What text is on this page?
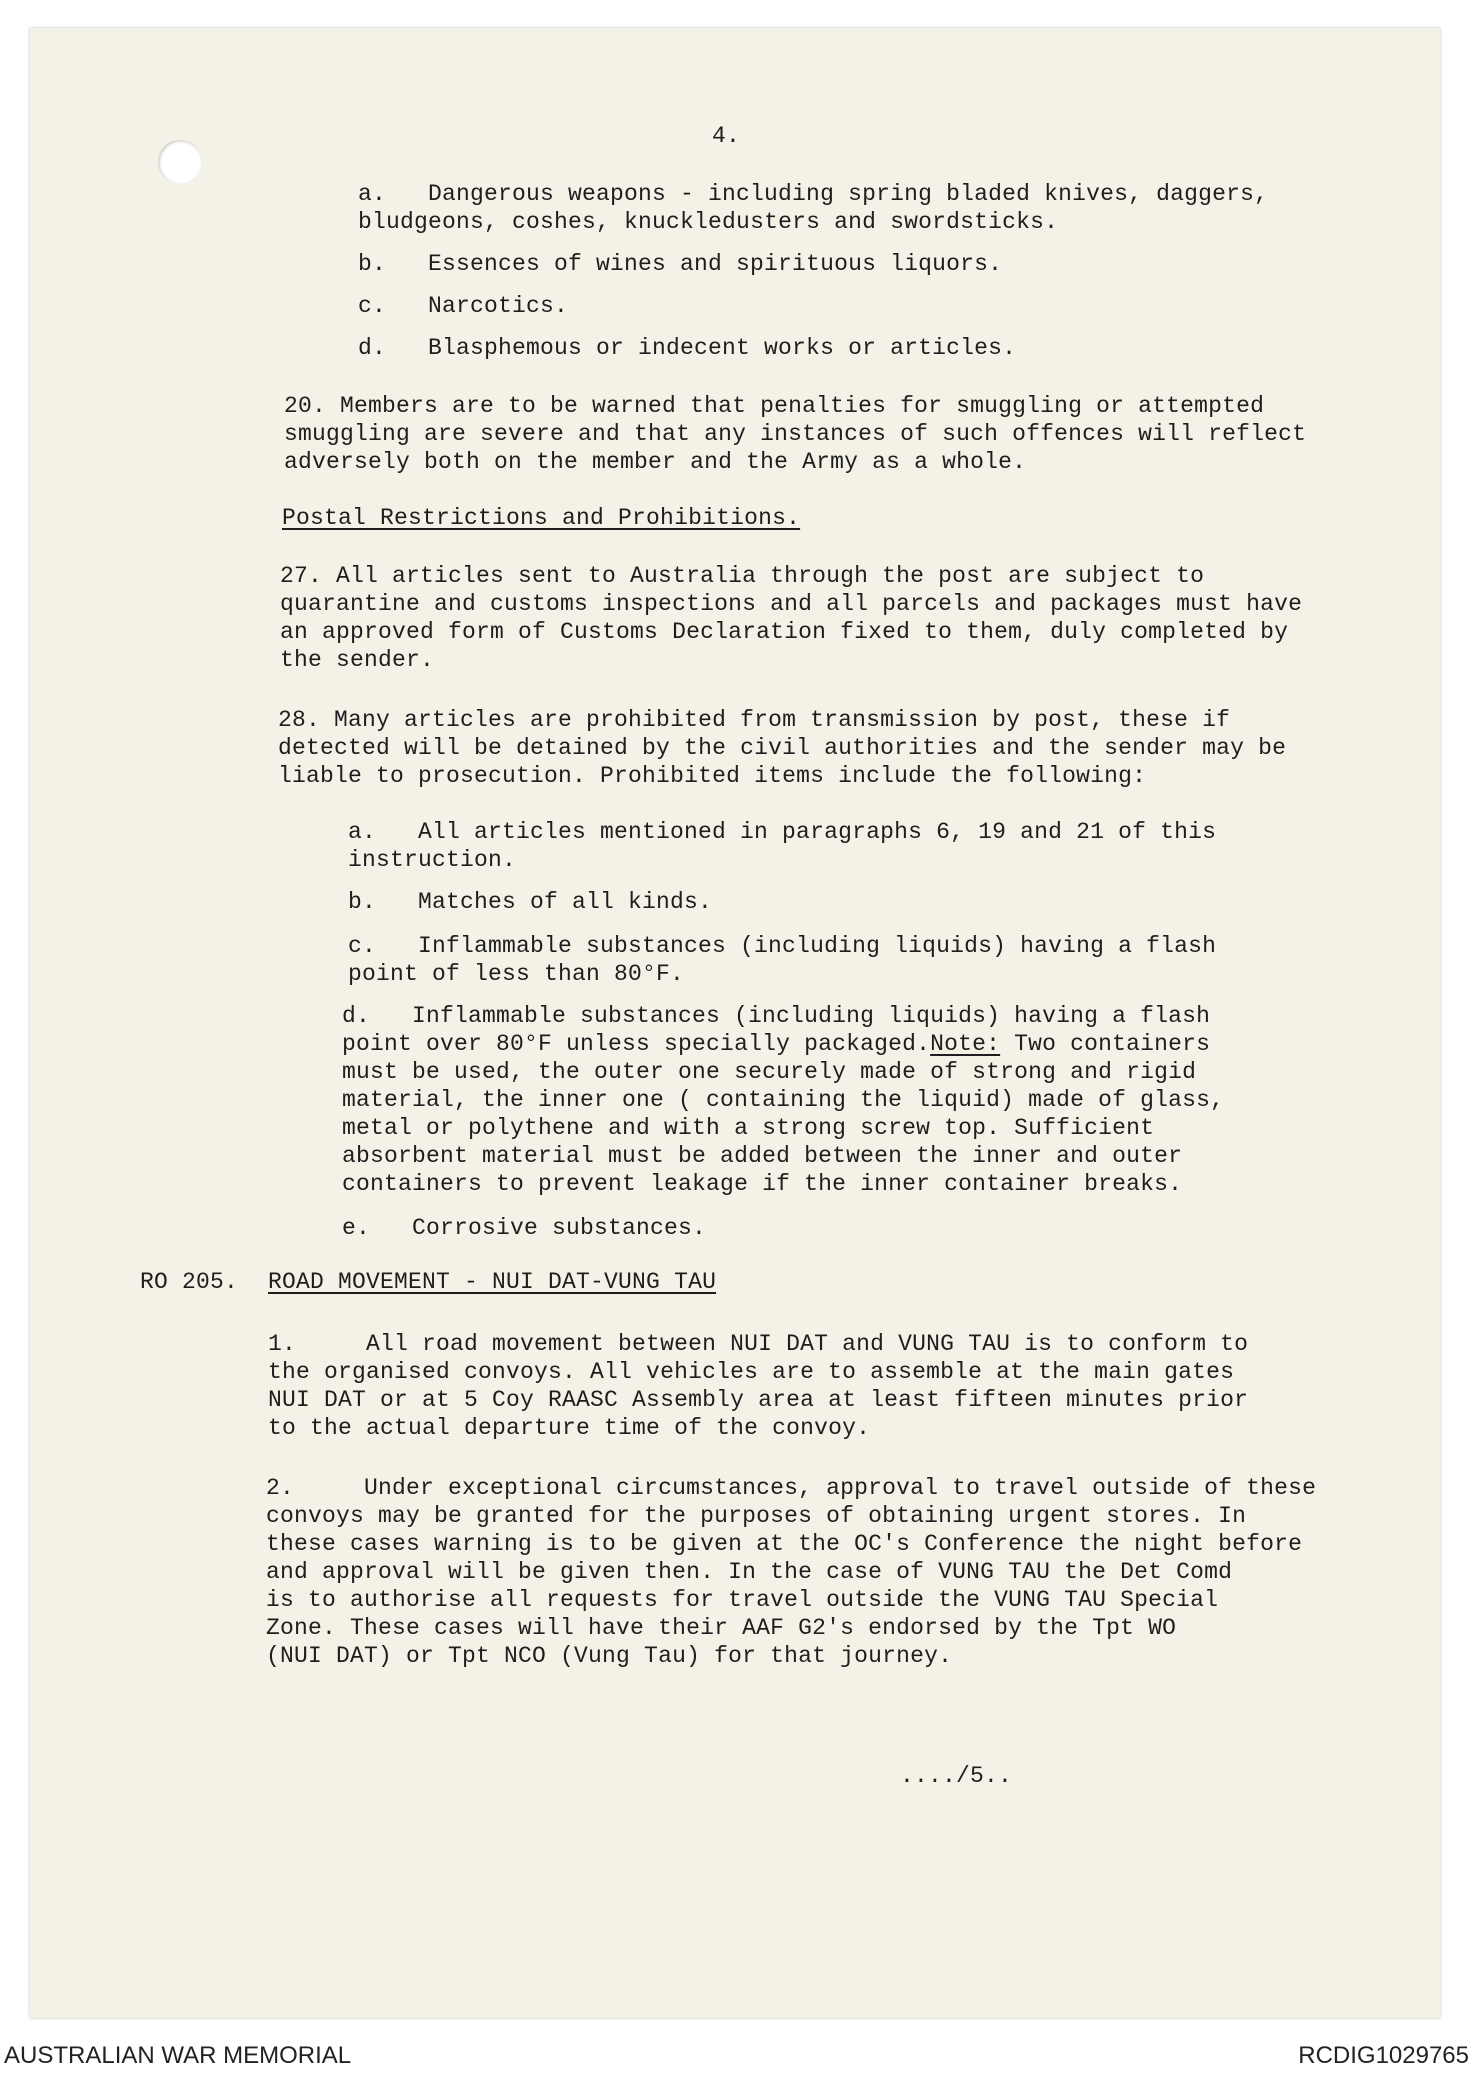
4.
a.	Dangerous weapons - including spring bladed knives, daggers,
bludgeons, coshes, knuckledusters and swordsticks.
b. Essences of wines and spirituous liquors.
c. Narcotics.
d. Blasphemous or indecent works or articles.
20. Members are to be warned that penalties for smuggling or attempted
smuggling are severe and that any instances of such offences will reflect
adversely both on the member and the Army as a whole.
Postal Restrictions and Prohibitions.
27. All articles sent to Australia through the post are subject to
quarantine and customs inspections and all parcels and packages must have
an approved form of Customs Declaration fixed to them, duly completed by
the sender.
28. Many articles are prohibited from transmission by post, these if
detected will be detained by the civil authorities and the sender may be
liable to prosecution. Prohibited items include the following:
a. All articles mentioned in paragraphs 6, 19 and 21 of this
instruction.
b. Matches of all kinds.
c.	Inflammable substances (including liquids) having a flash
point of less than 80°F.
d.	Inflammable substances (including liquids) having a flash
point over 80°F unless specially packaged.Note: Two containers
must be used, the outer one securely made of strong and rigid
material, the inner one ( containing the liquid) made of glass,
metal or polythene and with a strong screw top. Sufficient
absorbent material must be added between the inner and outer
containers to prevent leakage if the inner container breaks.
e. Corrosive substances.
RO 205. ROAD MOVEMENT - NUI DAT-VUNG TAU
1.     All road movement between NUI DAT and VUNG TAU is to conform to
the organised convoys. All vehicles are to assemble at the main gates
NUI DAT or at 5 Coy RAASC Assembly area at least fifteen minutes prior
to the actual departure time of the convoy.
2.     Under exceptional circumstances, approval to travel outside of these
convoys may be granted for the purposes of obtaining urgent stores. In
these cases warning is to be given at the OC's Conference the night before
and approval will be given then. In the case of VUNG TAU the Det Comd
is to authorise all requests for travel outside the VUNG TAU Special
Zone. These cases will have their AAF G2's endorsed by the Tpt WO
(NUI DAT) or Tpt NCO (Vung Tau) for that journey.
..../5..
AUSTRALIAN WAR MEMORIAL	RCDIG1029765
